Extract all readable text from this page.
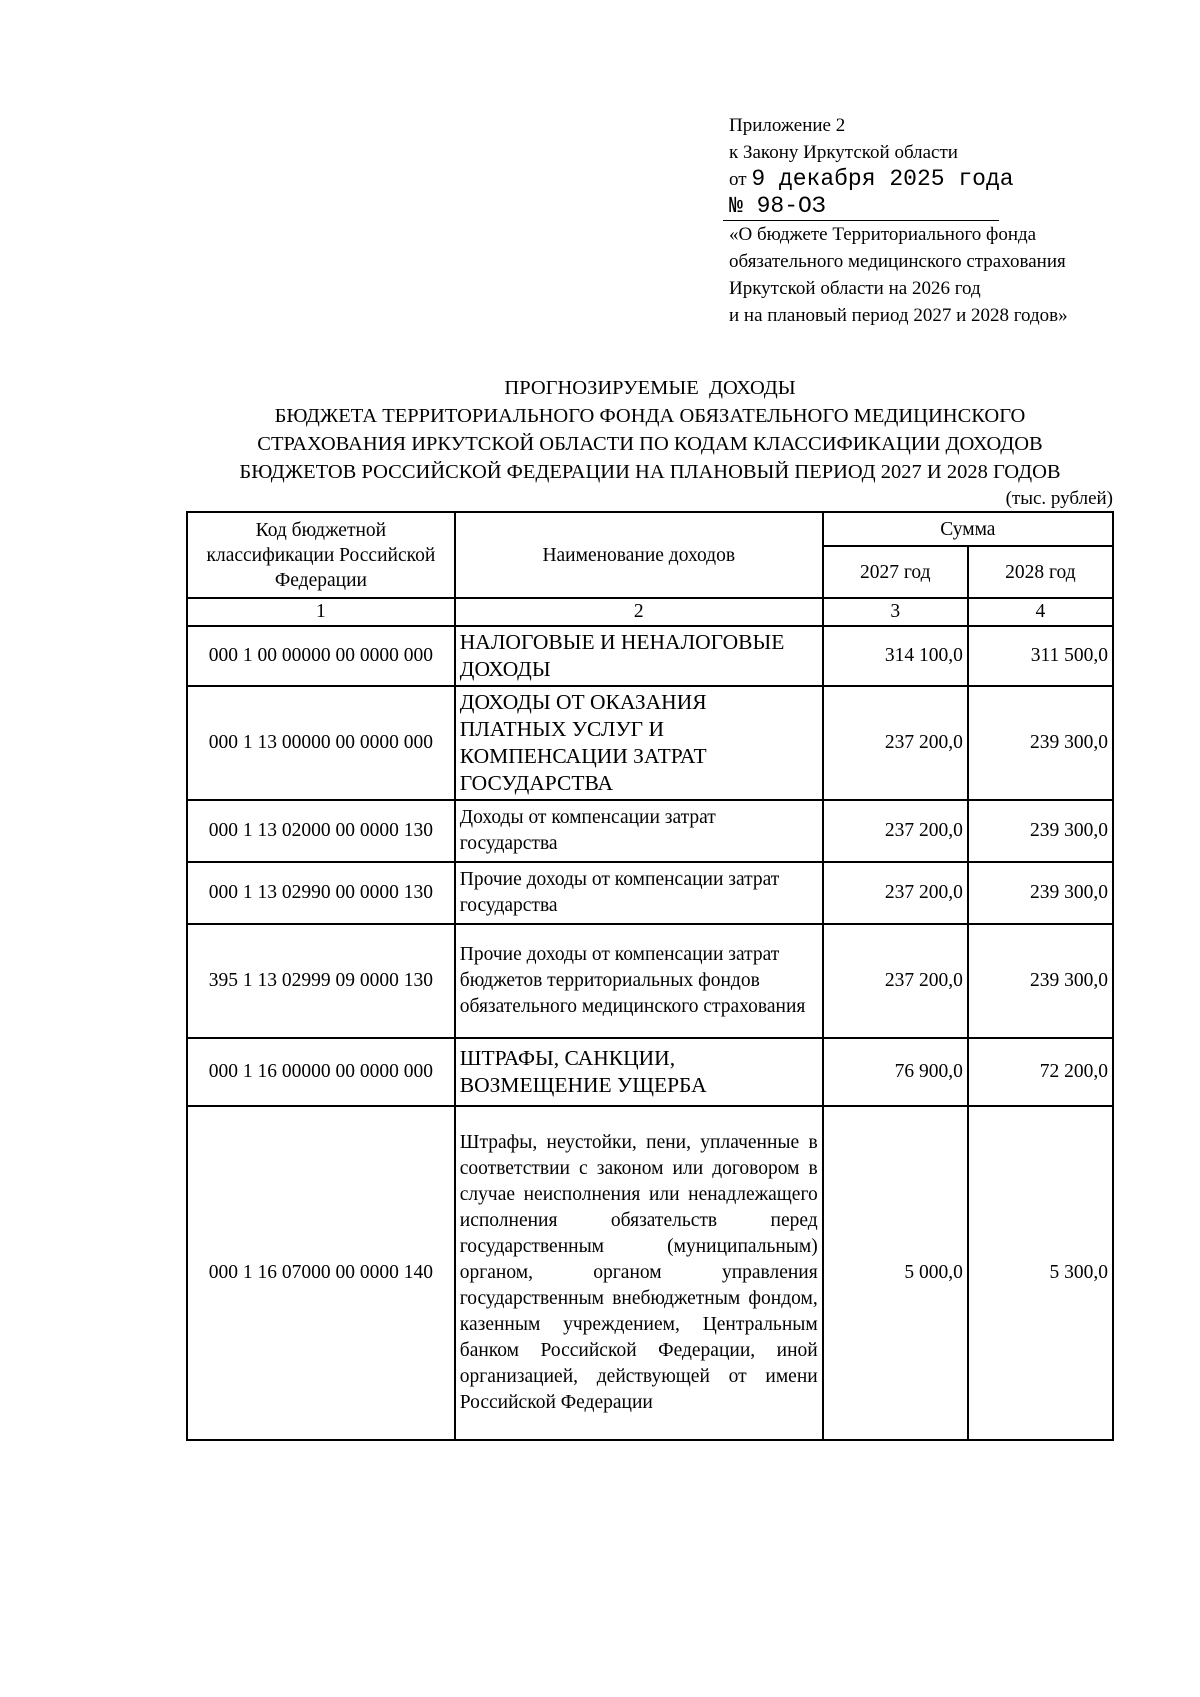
Приложение 2
к Закону Иркутской области
от 9 декабря 2025 года
№ 98-ОЗ
«О бюджете Территориального фонда
обязательного медицинского страхования
Иркутской области на 2026 год
и на плановый период 2027 и 2028 годов»
ПРОГНОЗИРУЕМЫЕ  ДОХОДЫ
БЮДЖЕТА ТЕРРИТОРИАЛЬНОГО ФОНДА ОБЯЗАТЕЛЬНОГО МЕДИЦИНСКОГО
СТРАХОВАНИЯ ИРКУТСКОЙ ОБЛАСТИ ПО КОДАМ КЛАССИФИКАЦИИ ДОХОДОВ
БЮДЖЕТОВ РОССИЙСКОЙ ФЕДЕРАЦИИ НА ПЛАНОВЫЙ ПЕРИОД 2027 И 2028 ГОДОВ
(тыс. рублей)
Код бюджетной классификации Российской Федерации	Наименование доходов	Сумма	
		2027 год	2028 год
1	2	3	4
000 1 00 00000 00 0000 000	НАЛОГОВЫЕ И НЕНАЛОГОВЫЕ ДОХОДЫ	314 100,0	311 500,0
000 1 13 00000 00 0000 000	ДОХОДЫ ОТ ОКАЗАНИЯ ПЛАТНЫХ УСЛУГ И КОМПЕНСАЦИИ ЗАТРАТ ГОСУДАРСТВА	237 200,0	239 300,0
000 1 13 02000 00 0000 130	Доходы от компенсации затрат государства	237 200,0	239 300,0
000 1 13 02990 00 0000 130	Прочие доходы от компенсации затрат государства	237 200,0	239 300,0
395 1 13 02999 09 0000 130	Прочие доходы от компенсации затрат бюджетов территориальных фондов обязательного медицинского страхования	237 200,0	239 300,0
000 1 16 00000 00 0000 000	ШТРАФЫ, САНКЦИИ, ВОЗМЕЩЕНИЕ УЩЕРБА	76 900,0	72 200,0
000 1 16 07000 00 0000 140	Штрафы, неустойки, пени, уплаченные в соответствии с законом или договором в случае неисполнения или ненадлежащего исполнения обязательств перед государственным (муниципальным) органом, органом управления государственным внебюджетным фондом, казенным учреждением, Центральным банком Российской Федерации, иной организацией, действующей от имени Российской Федерации	5 000,0	5 300,0
